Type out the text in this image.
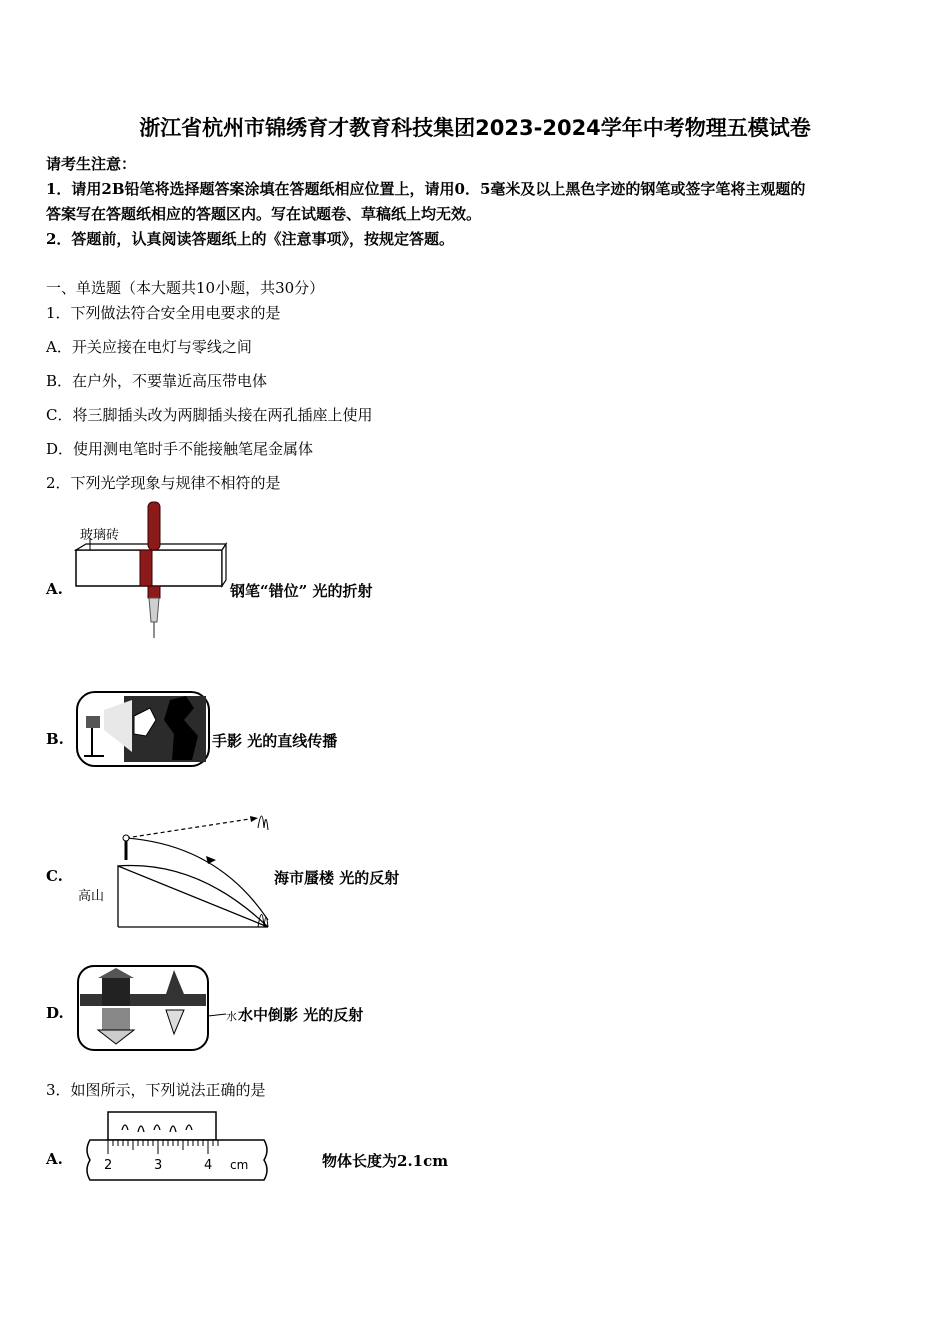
浙江省杭州市锦绣育才教育科技集团2023-2024学年中考物理五模试卷
请考生注意：
1．请用2B铅笔将选择题答案涂填在答题纸相应位置上，请用0．5毫米及以上黑色字迹的钢笔或签字笔将主观题的
答案写在答题纸相应的答题区内。写在试题卷、草稿纸上均无效。
2．答题前，认真阅读答题纸上的《注意事项》，按规定答题。
一、单选题（本大题共10小题，共30分）
1．下列做法符合安全用电要求的是
A．开关应接在电灯与零线之间
B．在户外，不要靠近高压带电体
C．将三脚插头改为两脚插头接在两孔插座上使用
D．使用测电笔时手不能接触笔尾金属体
2．下列光学现象与规律不相符的是
A.
玻璃砖
钢笔“错位” 光的折射
B.	手影 光的直线传播
C.
高山
海市蜃楼 光的反射
D.	水 水中倒影 光的反射
3．如图所示，下列说法正确的是
A.	2	3	4 cm	物体长度为2.1cm
